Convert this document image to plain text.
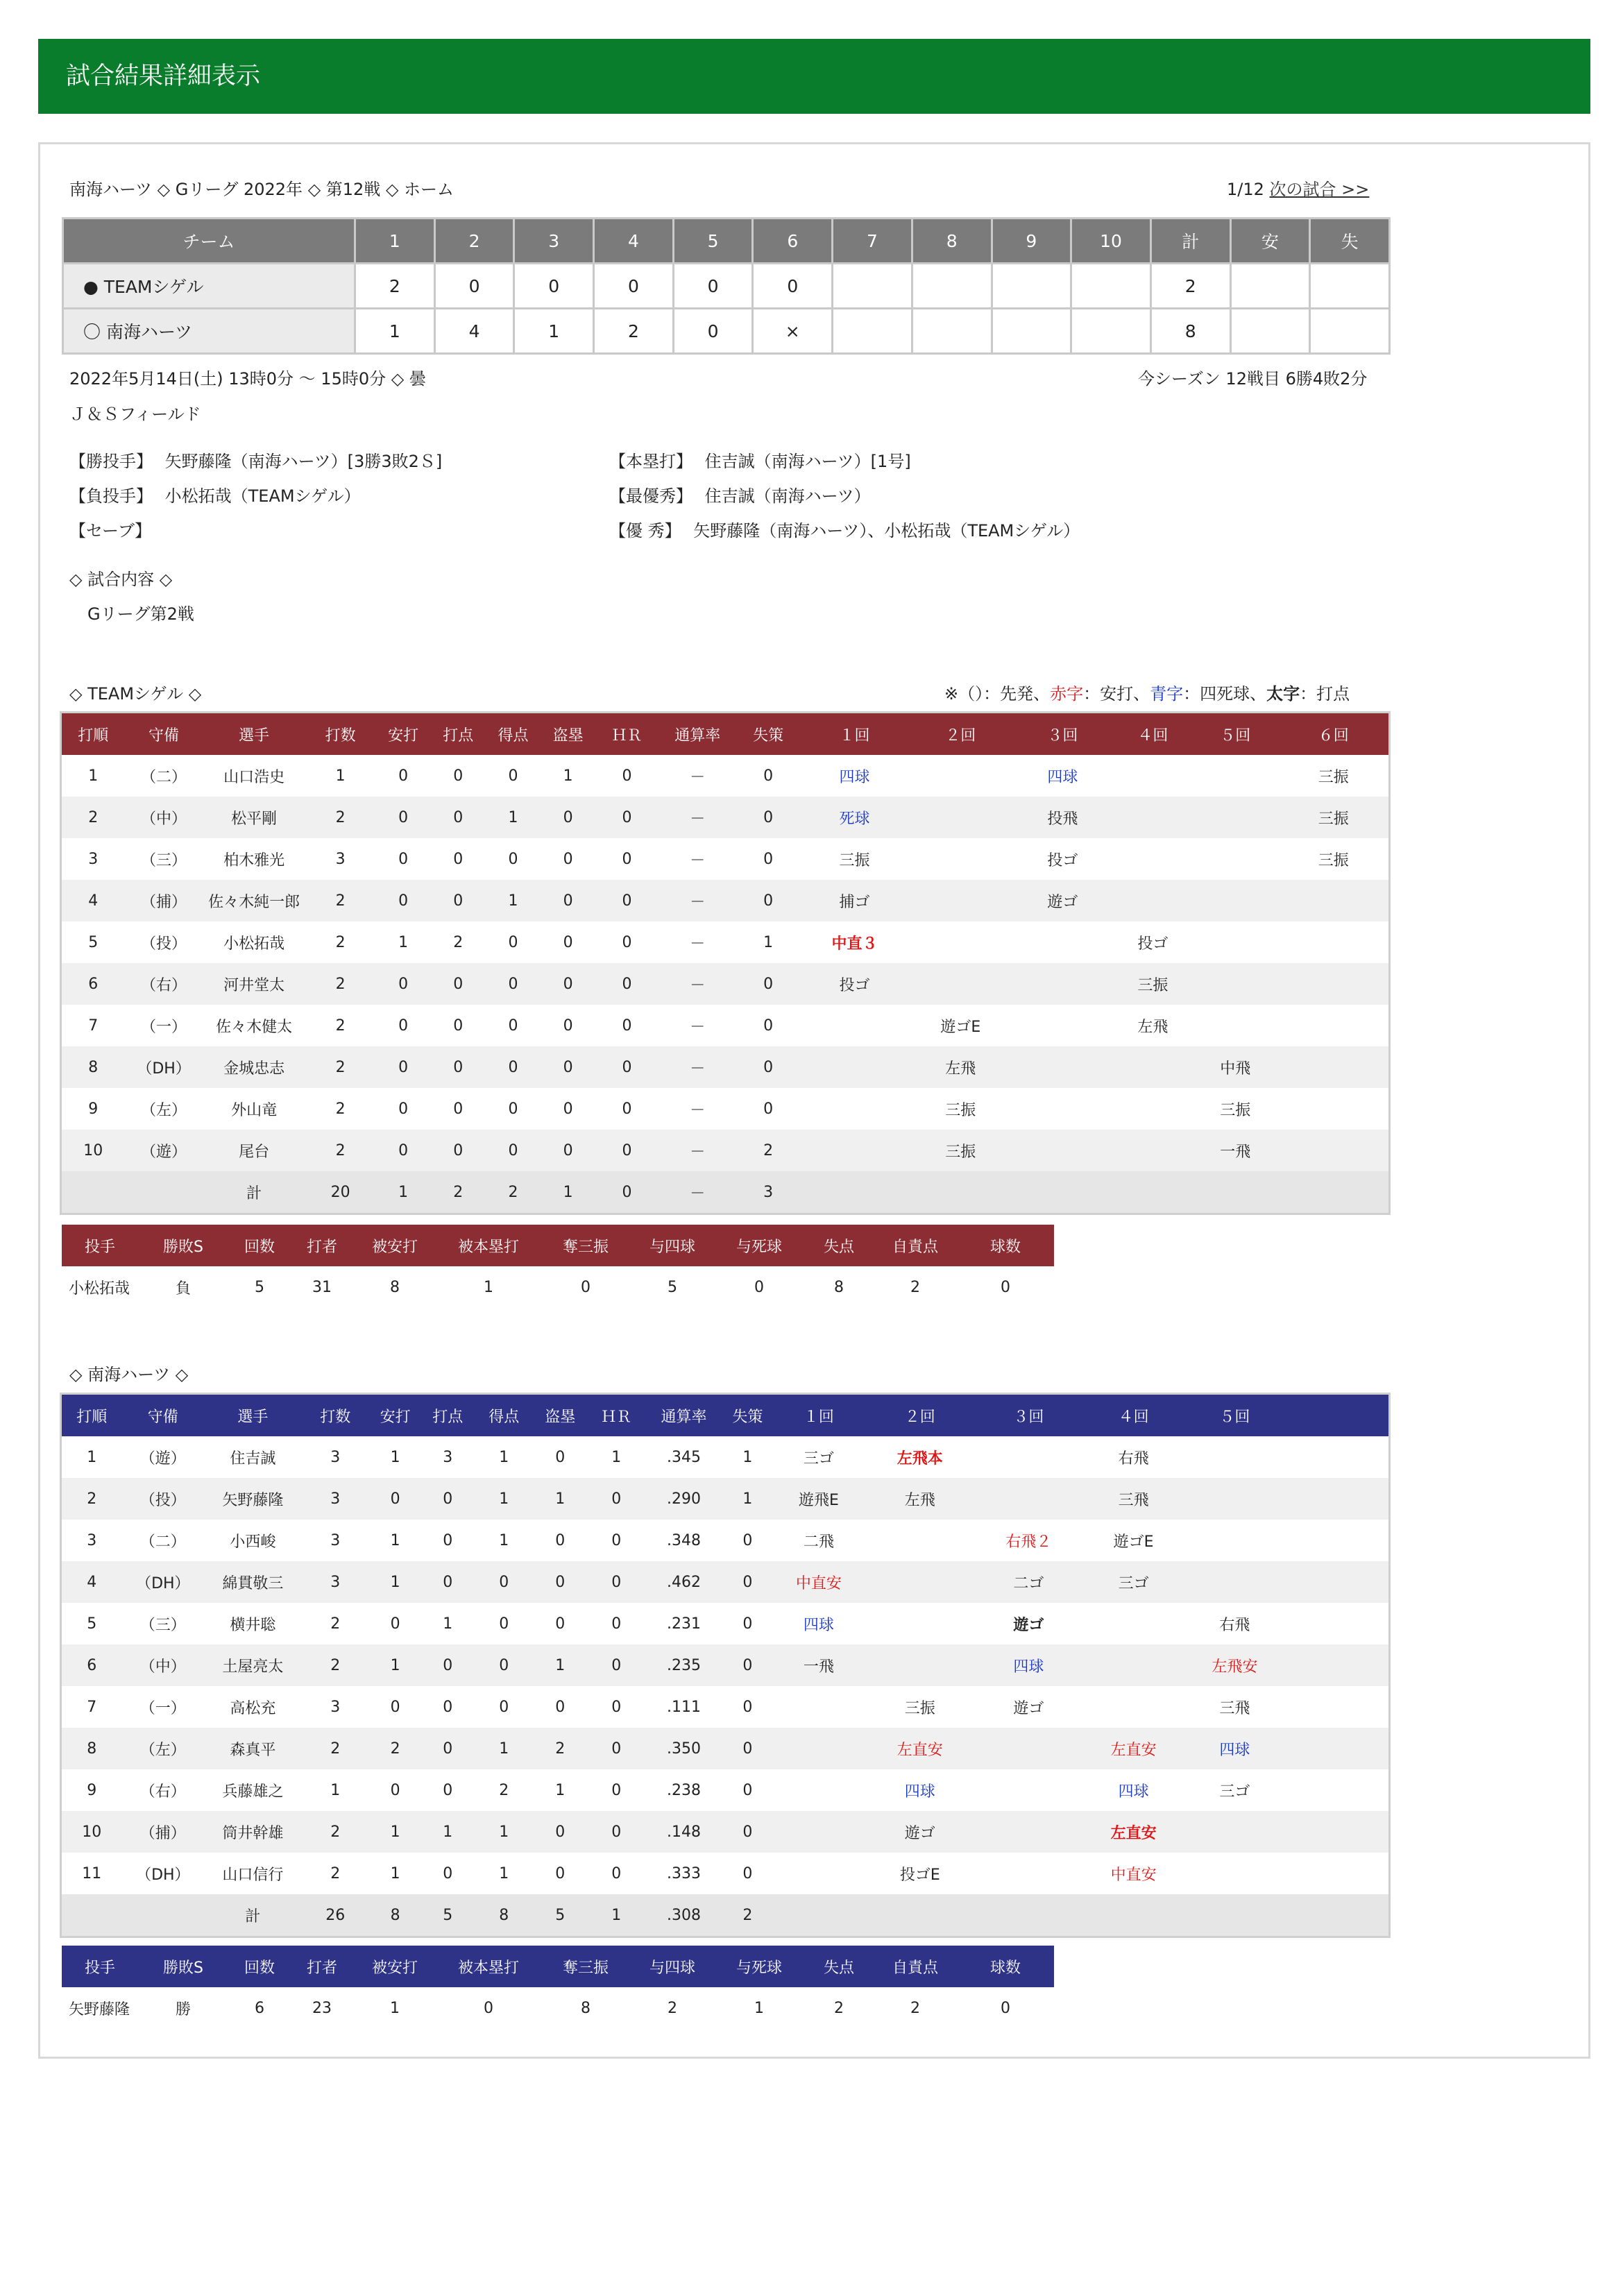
試合結果詳細表示
南海ハーツ ◇ Gリーグ 2022年 ◇ 第12戦 ◇ ホーム	1/12 次の試合 >>
チーム	1	2	3	4	5	6	7	8	9	10	計	安	失
● TEAMシゲル	2	0	0	0	0	0					2		
〇 南海ハーツ	1	4	1	2	0	×					8		
2022年5月14日(土) 13時0分 ～ 15時0分 ◇ 曇	今シーズン 12戦目 6勝4敗2分
Ｊ＆Ｓフィールド
【勝投手】 矢野藤隆（南海ハーツ）[3勝3敗2Ｓ]
【負投手】 小松拓哉（TEAMシゲル）
【セーブ】
【本塁打】 住吉誠（南海ハーツ）[1号]
【最優秀】 住吉誠（南海ハーツ）
【優 秀】 矢野藤隆（南海ハーツ）、小松拓哉（TEAMシゲル）
◇ 試合内容 ◇
Gリーグ第2戦
◇ TEAMシゲル ◇	※（）：先発、赤字：安打、青字：四死球、太字：打点
打順	守備	選手	打数	安打	打点	得点	盗塁	ＨＲ	通算率	失策	１回	２回	３回	４回	５回	６回
1	（二）	山口浩史	1	0	0	0	1	0	－	0	四球		四球			三振
2	（中）	松平剛	2	0	0	1	0	0	－	0	死球		投飛			三振
3	（三）	柏木雅光	3	0	0	0	0	0	－	0	三振		投ゴ			三振
4	（捕）	佐々木純一郎	2	0	0	1	0	0	－	0	捕ゴ		遊ゴ			
5	（投）	小松拓哉	2	1	2	0	0	0	－	1	中直３			投ゴ		
6	（右）	河井堂太	2	0	0	0	0	0	－	0	投ゴ			三振		
7	（一）	佐々木健太	2	0	0	0	0	0	－	0		遊ゴE		左飛		
8	（DH）	金城忠志	2	0	0	0	0	0	－	0		左飛			中飛	
9	（左）	外山竜	2	0	0	0	0	0	－	0		三振			三振	
10	（遊）	尾台	2	0	0	0	0	0	－	2		三振			一飛	
		計	20	1	2	2	1	0	－	3						
投手	勝敗S	回数	打者	被安打	被本塁打	奪三振	与四球	与死球	失点	自責点	球数
小松拓哉	負	5	31	8	1	0	5	0	8	2	0
◇ 南海ハーツ ◇
打順	守備	選手	打数	安打	打点	得点	盗塁	ＨＲ	通算率	失策	１回	２回	３回	４回	５回	
1	（遊）	住吉誠	3	1	3	1	0	1	.345	1	三ゴ	左飛本		右飛		
2	（投）	矢野藤隆	3	0	0	1	1	0	.290	1	遊飛E	左飛		三飛		
3	（二）	小西峻	3	1	0	1	0	0	.348	0	二飛		右飛２	遊ゴE		
4	（DH）	綿貫敬三	3	1	0	0	0	0	.462	0	中直安		二ゴ	三ゴ		
5	（三）	横井聡	2	0	1	0	0	0	.231	0	四球		遊ゴ		右飛	
6	（中）	土屋亮太	2	1	0	0	1	0	.235	0	一飛		四球		左飛安	
7	（一）	高松充	3	0	0	0	0	0	.111	0		三振	遊ゴ		三飛	
8	（左）	森真平	2	2	0	1	2	0	.350	0		左直安		左直安	四球	
9	（右）	兵藤雄之	1	0	0	2	1	0	.238	0		四球		四球	三ゴ	
10	（捕）	筒井幹雄	2	1	1	1	0	0	.148	0		遊ゴ		左直安		
11	（DH）	山口信行	2	1	0	1	0	0	.333	0		投ゴE		中直安		
		計	26	8	5	8	5	1	.308	2						
投手	勝敗S	回数	打者	被安打	被本塁打	奪三振	与四球	与死球	失点	自責点	球数
矢野藤隆	勝	6	23	1	0	8	2	1	2	2	0
